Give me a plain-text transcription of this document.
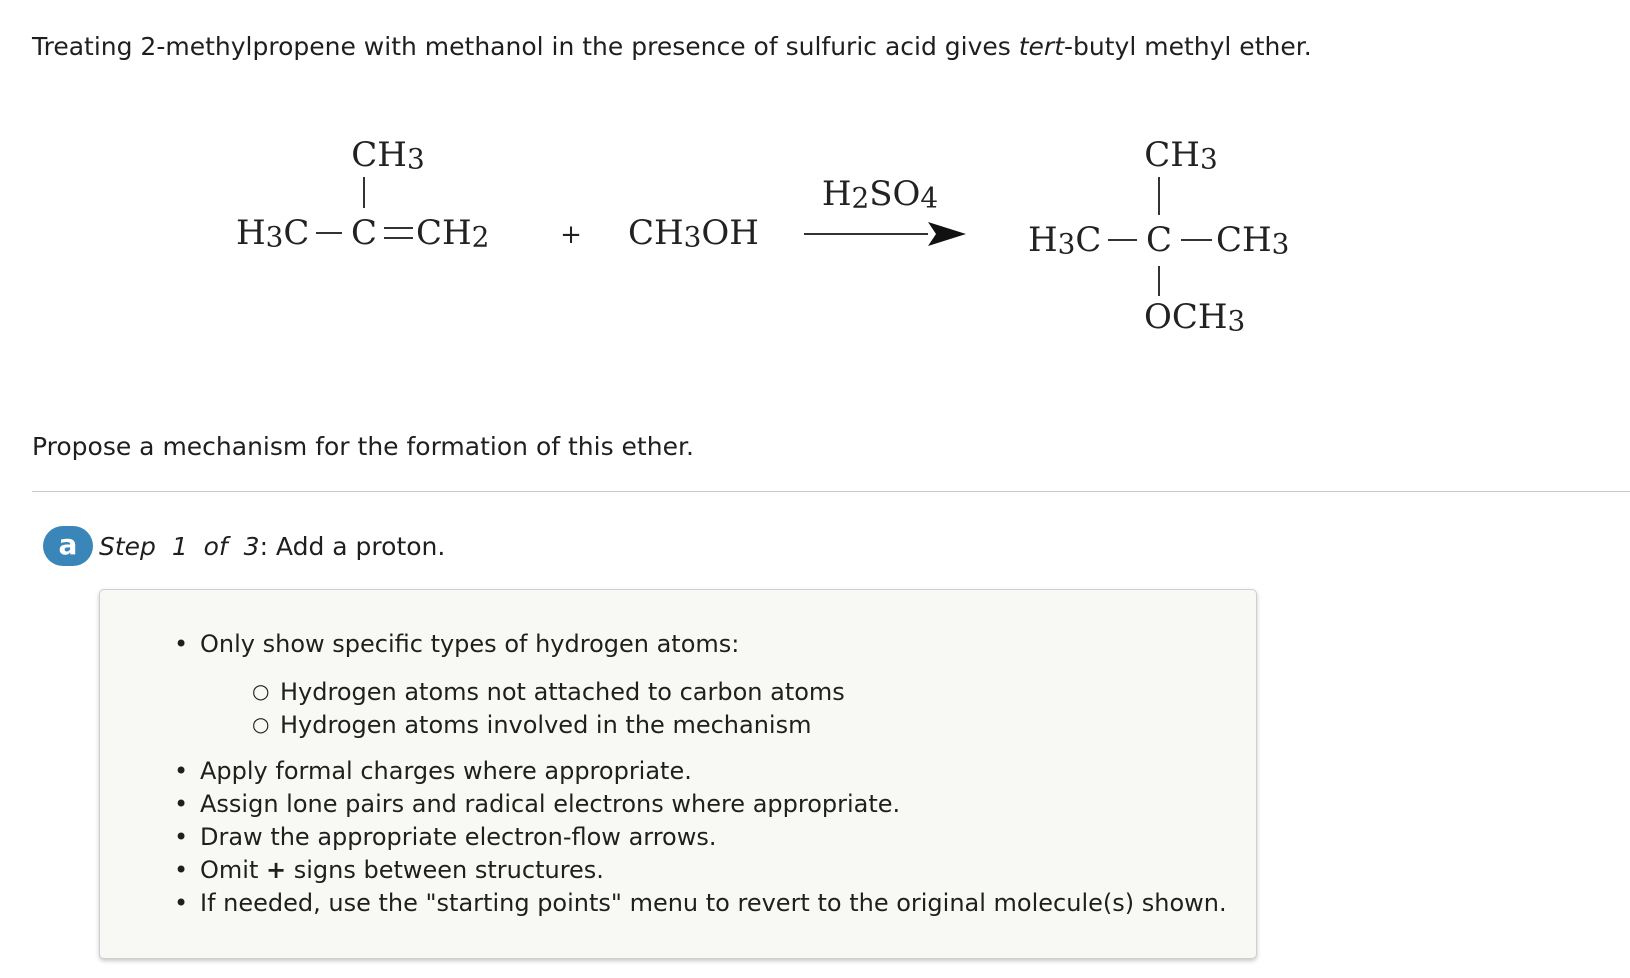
Treating 2-methylpropene with methanol in the presence of sulfuric acid gives tert-butyl methyl ether.

CH3
H3C C CH2	+ CH3OH
H2SO4
CH3
H3C C CH3
OCH3

Propose a mechanism for the formation of this ether.

a Step 1 of 3: Add a proton.
• Only show specific types of hydrogen atoms:
○ Hydrogen atoms not attached to carbon atoms
○ Hydrogen atoms involved in the mechanism
• Apply formal charges where appropriate.
• Assign lone pairs and radical electrons where appropriate.
• Draw the appropriate electron-flow arrows.
• Omit + signs between structures.
• If needed, use the "starting points" menu to revert to the original molecule(s) shown.
